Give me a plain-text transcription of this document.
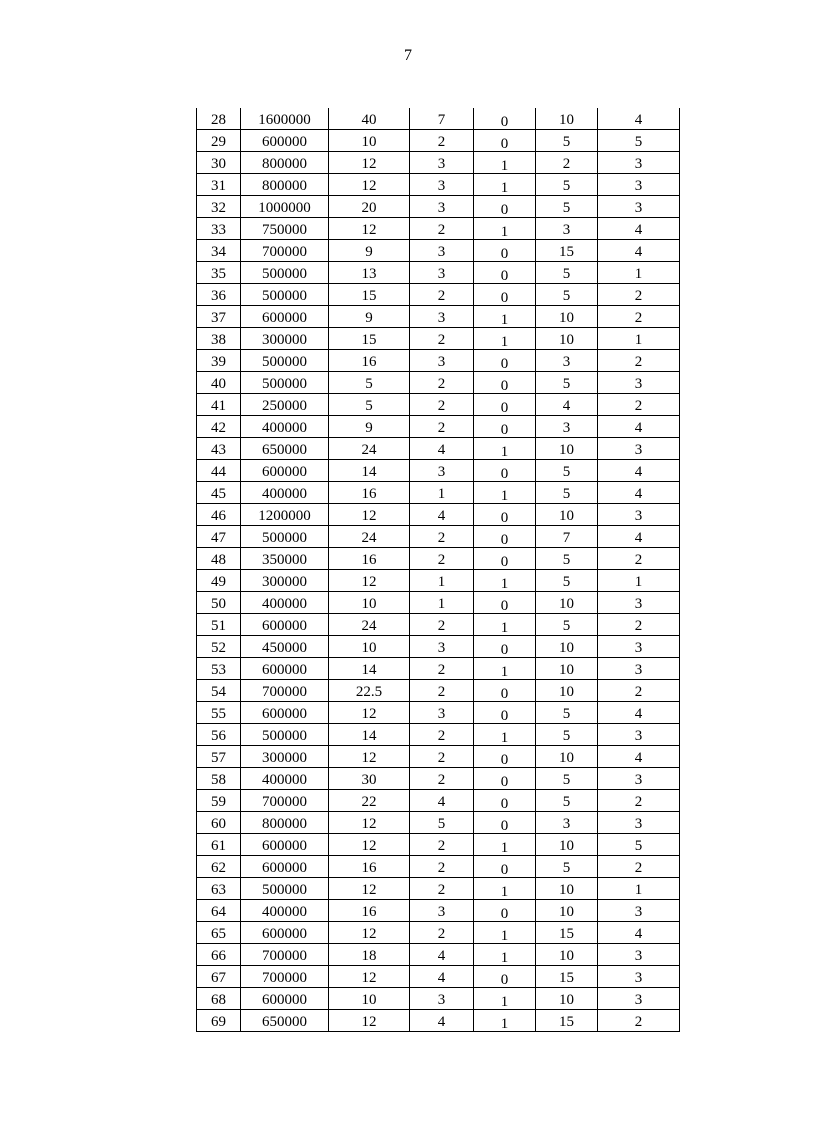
7
28	1600000	40	7	0	10	4
29	600000	10	2	0	5	5
30	800000	12	3	1	2	3
31	800000	12	3	1	5	3
32	1000000	20	3	0	5	3
33	750000	12	2	1	3	4
34	700000	9	3	0	15	4
35	500000	13	3	0	5	1
36	500000	15	2	0	5	2
37	600000	9	3	1	10	2
38	300000	15	2	1	10	1
39	500000	16	3	0	3	2
40	500000	5	2	0	5	3
41	250000	5	2	0	4	2
42	400000	9	2	0	3	4
43	650000	24	4	1	10	3
44	600000	14	3	0	5	4
45	400000	16	1	1	5	4
46	1200000	12	4	0	10	3
47	500000	24	2	0	7	4
48	350000	16	2	0	5	2
49	300000	12	1	1	5	1
50	400000	10	1	0	10	3
51	600000	24	2	1	5	2
52	450000	10	3	0	10	3
53	600000	14	2	1	10	3
54	700000	22.5	2	0	10	2
55	600000	12	3	0	5	4
56	500000	14	2	1	5	3
57	300000	12	2	0	10	4
58	400000	30	2	0	5	3
59	700000	22	4	0	5	2
60	800000	12	5	0	3	3
61	600000	12	2	1	10	5
62	600000	16	2	0	5	2
63	500000	12	2	1	10	1
64	400000	16	3	0	10	3
65	600000	12	2	1	15	4
66	700000	18	4	1	10	3
67	700000	12	4	0	15	3
68	600000	10	3	1	10	3
69	650000	12	4	1	15	2
